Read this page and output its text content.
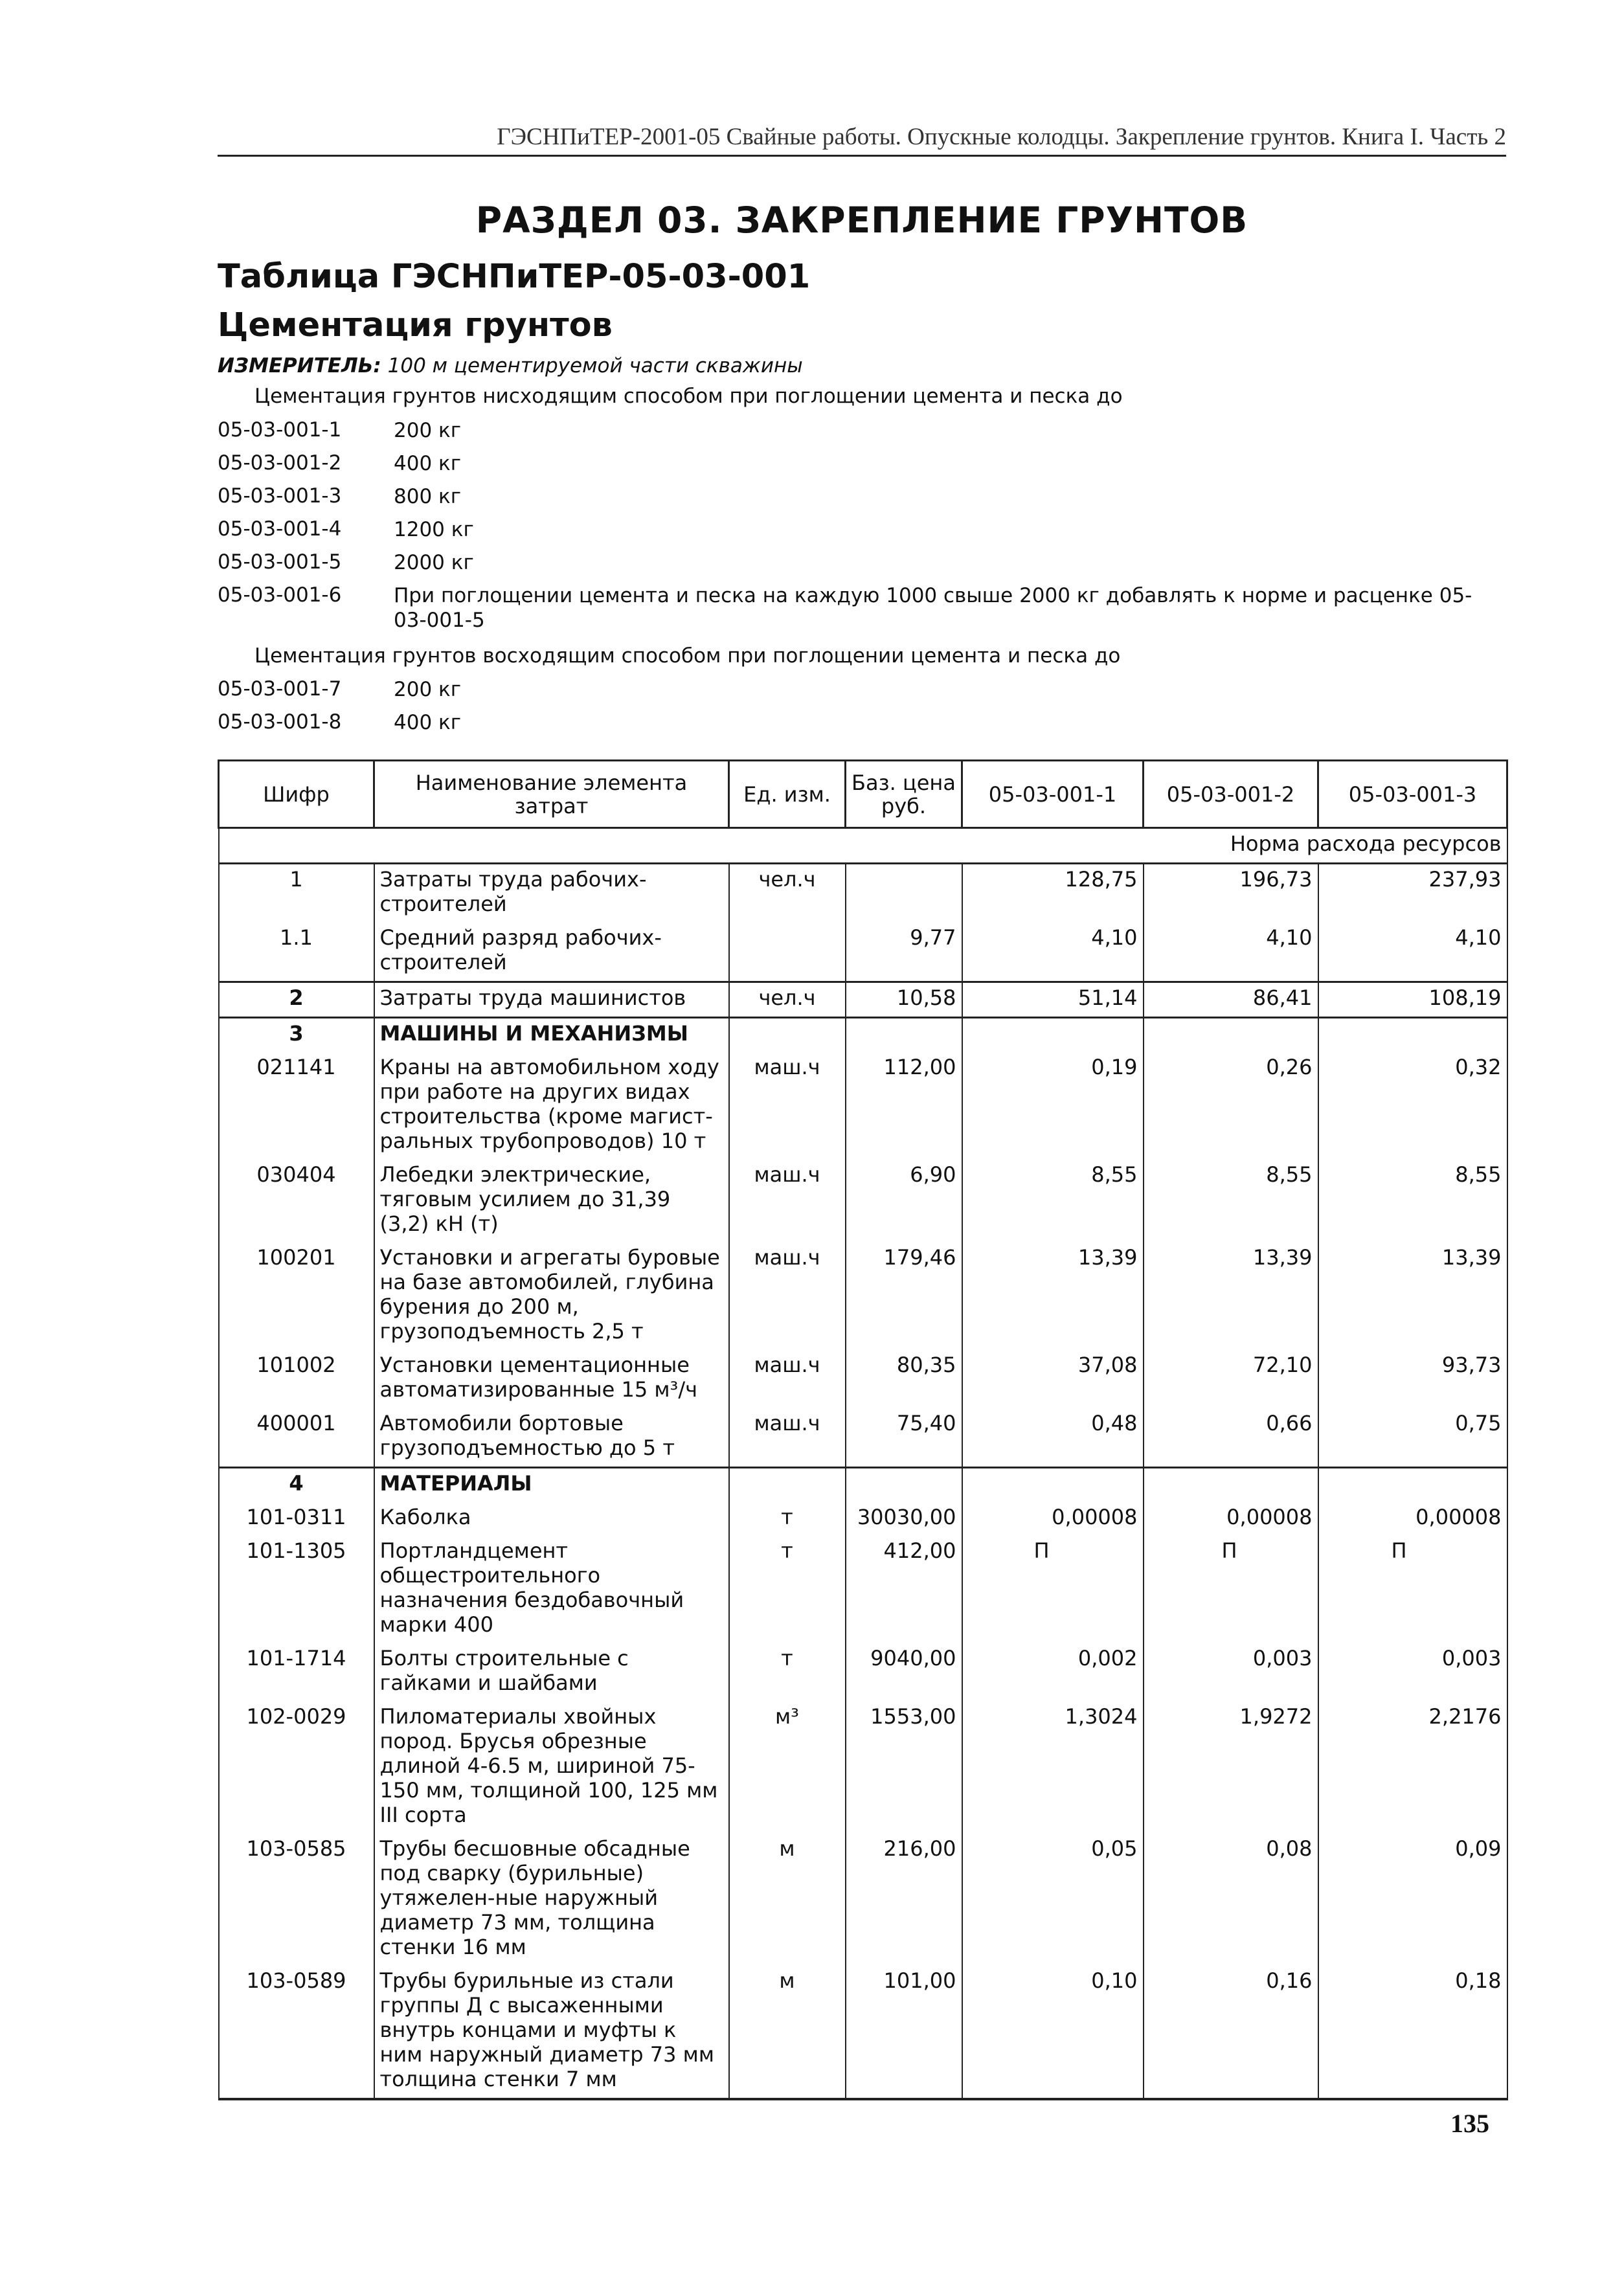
ГЭСНПиТЕР-2001-05 Свайные работы. Опускные колодцы. Закрепление грунтов. Книга I. Часть 2
РАЗДЕЛ 03. ЗАКРЕПЛЕНИЕ ГРУНТОВ
Таблица ГЭСНПиТЕР-05-03-001
Цементация грунтов
ИЗМЕРИТЕЛЬ: 100 м цементируемой части скважины
Цементация грунтов нисходящим способом при поглощении цемента и песка до
05-03-001-1	200 кг
05-03-001-2	400 кг
05-03-001-3	800 кг
05-03-001-4	1200 кг
05-03-001-5	2000 кг
05-03-001-6	При поглощении цемента и песка на каждую 1000 свыше 2000 кг добавлять к норме и расценке 05-03-001-5
Цементация грунтов восходящим способом при поглощении цемента и песка до
05-03-001-7	200 кг
05-03-001-8	400 кг
Шифр	Наименование элемента затрат	Ед. изм.	Баз. цена руб.	05-03-001-1	05-03-001-2	05-03-001-3
Норма расхода ресурсов						
1	Затраты труда рабочих-строителей	чел.ч		128,75	196,73	237,93
1.1	Средний разряд рабочих-строителей		9,77	4,10	4,10	4,10
2	Затраты труда машинистов	чел.ч	10,58	51,14	86,41	108,19
3	МАШИНЫ И МЕХАНИЗМЫ					
021141	Краны на автомобильном ходу при работе на других видах строительства (кроме магист-ральных трубопроводов) 10 т	маш.ч	112,00	0,19	0,26	0,32
030404	Лебедки электрические, тяговым усилием до 31,39 (3,2) кН (т)	маш.ч	6,90	8,55	8,55	8,55
100201	Установки и агрегаты буровые на базе автомобилей, глубина бурения до 200 м, грузоподъемность 2,5 т	маш.ч	179,46	13,39	13,39	13,39
101002	Установки цементационные автоматизированные 15 м³/ч	маш.ч	80,35	37,08	72,10	93,73
400001	Автомобили бортовые грузоподъемностью до 5 т	маш.ч	75,40	0,48	0,66	0,75
4	МАТЕРИАЛЫ					
101-0311	Каболка	т	30030,00	0,00008	0,00008	0,00008
101-1305	Портландцемент общестроительного назначения бездобавочный марки 400	т	412,00	П	П	П
101-1714	Болты строительные с гайками и шайбами	т	9040,00	0,002	0,003	0,003
102-0029	Пиломатериалы хвойных пород. Брусья обрезные длиной 4-6.5 м, шириной 75-150 мм, толщиной 100, 125 мм III сорта	м³	1553,00	1,3024	1,9272	2,2176
103-0585	Трубы бесшовные обсадные под сварку (бурильные) утяжелен-ные наружный диаметр 73 мм, толщина стенки 16 мм	м	216,00	0,05	0,08	0,09
103-0589	Трубы бурильные из стали группы Д с высаженными внутрь концами и муфты к ним наружный диаметр 73 мм толщина стенки 7 мм	м	101,00	0,10	0,16	0,18
135
